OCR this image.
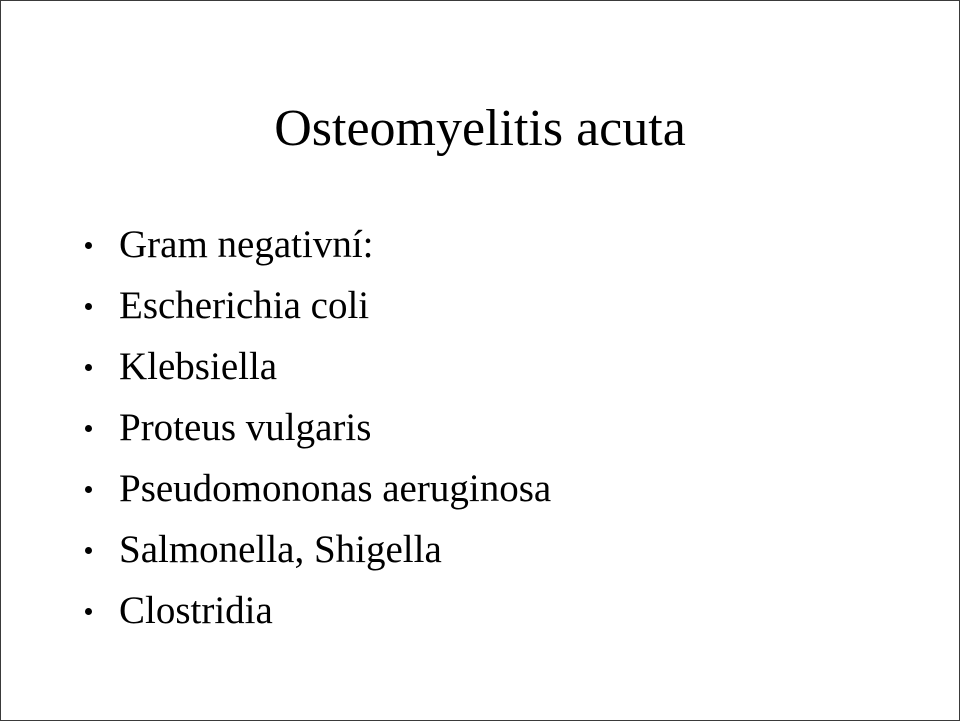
Osteomyelitis acuta
Gram negativní:
Escherichia coli
Klebsiella
Proteus vulgaris
Pseudomononas aeruginosa
Salmonella, Shigella
Clostridia
